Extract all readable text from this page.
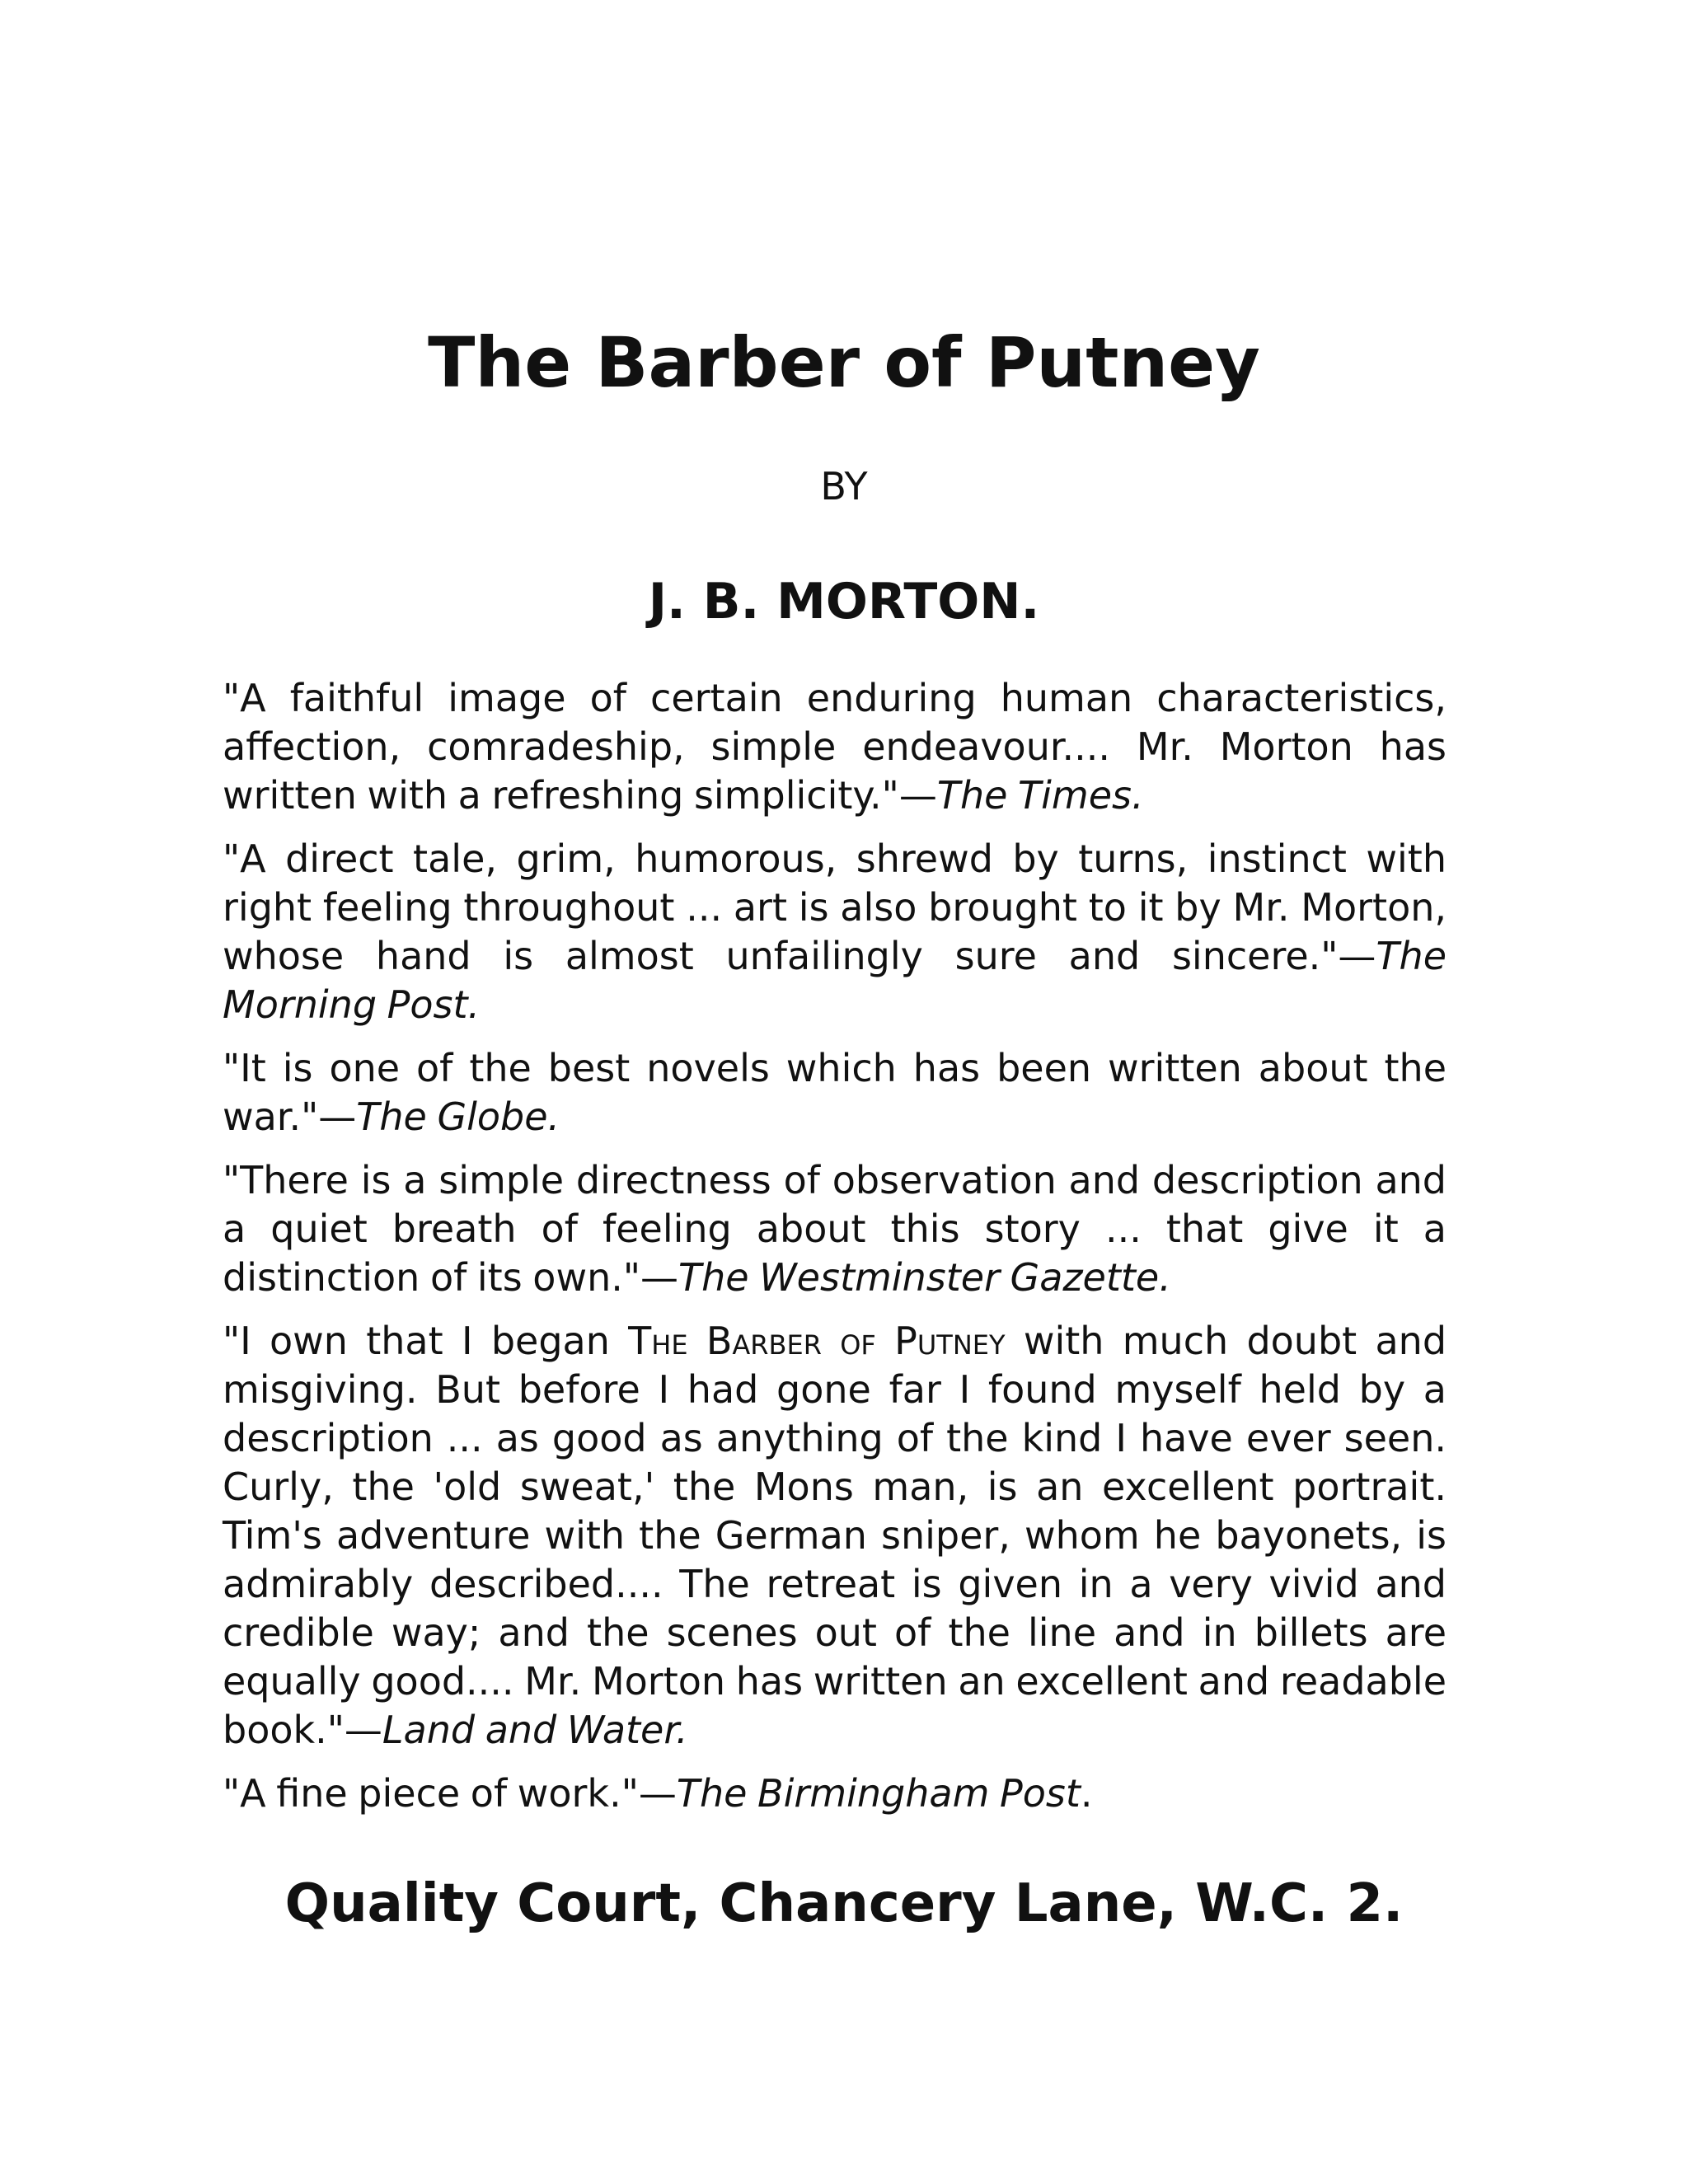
The Barber of Putney

BY

J. B. MORTON.

"A faithful image of certain enduring human characteristics, affection, comradeship, simple endeavour.... Mr. Morton has written with a refreshing simplicity."—The Times.

"A direct tale, grim, humorous, shrewd by turns, instinct with right feeling throughout ... art is also brought to it by Mr. Morton, whose hand is almost unfailingly sure and sincere."—The Morning Post.

"It is one of the best novels which has been written about the war."—The Globe.

"There is a simple directness of observation and description and a quiet breath of feeling about this story ... that give it a distinction of its own."—The Westminster Gazette.

"I own that I began The Barber of Putney with much doubt and misgiving. But before I had gone far I found myself held by a description ... as good as anything of the kind I have ever seen. Curly, the 'old sweat,' the Mons man, is an excellent portrait. Tim's adventure with the German sniper, whom he bayonets, is admirably described.... The retreat is given in a very vivid and credible way; and the scenes out of the line and in billets are equally good.... Mr. Morton has written an excellent and readable book."—Land and Water.

"A fine piece of work."—The Birmingham Post.

Quality Court, Chancery Lane, W.C. 2.
